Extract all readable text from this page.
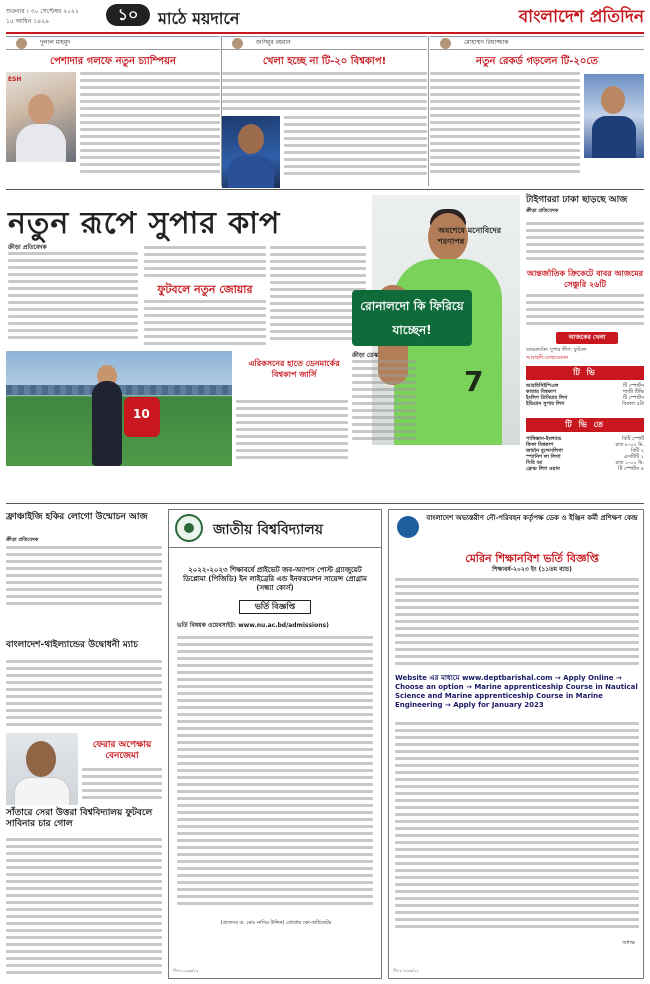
শুক্রবার । ৩০ সেপ্টেম্বর ২০২২
১৫ আশ্বিন ১৪২৯	১০	মাঠে ময়দানে	বাংলাদেশ প্রতিদিন
দুলাল মাহমুদ
পেশাদার গলফে নতুন চ্যাম্পিয়ন
ESH
জসিমুর রহমান
খেলা হচ্ছে না টি-২০ বিশ্বকাপ!
মোহাম্মদ রিয়াজ্জাক
নতুন রেকর্ড গড়লেন টি-২০তে
নতুন রূপে সুপার কাপ
ক্রীড়া প্রতিবেদক
ফুটবলে নতুন জোয়ার
7
অবশেষে মনোবিদের শরণাপন্ন
রোনালদো কি ফিরিয়ে যাচ্ছেন!
ক্রীড়া ডেস্ক
টাইগাররা ঢাকা ছাড়ছে আজ
ক্রীড়া প্রতিবেদক
আন্তর্জাতিক ক্রিকেটে বাবর আজমের সেঞ্চুরি ২৬টি
আজকের খেলা
ডায়মন্ডকিং সুপার লীগ: ফুটবল
আবাহনী-মোহামেডান
টি ভি
আরবিসিইপিএল	টি স্পোর্টস
কাতার বিশ্বকাপ	গাজী টিভি
ইংলিশ প্রিমিয়ার লিগ	টি স্পোর্টস
ইন্ডিয়ান সুপার লিগ	বিকাল ৫টা
টি ভি তে
পাকিস্তান-ইংল্যান্ড	বিটি স্পোর্ট
ফিফা বিশ্বকাপ	রাত ৮-০০ মি.
জার্মান বুন্দেসলিগা	বিটি ২
স্প্যানিশ লা লিগা	এসটিটি ২
সিরি আ	রাত ১-০০ মি.
ফ্রেঞ্চ লিগ ওয়ান	টি স্পোর্টস ৪
10
এরিকসনের হাতে ডেনমার্কের বিশ্বকাপ জার্সি
ফ্রাঞ্চাইজি হকির লোগো উন্মোচন আজ
ক্রীড়া প্রতিবেদক
বাংলাদেশ-থাইল্যান্ডের উদ্বোধনী ম্যাচ
ফেরার অপেক্ষায় বেনজেমা
সাঁতারে সেরা উত্তরা বিশ্ববিদ্যালয় ফুটবলে সাবিনার চার গোল
জাতীয় বিশ্ববিদ্যালয়
২০২২-২০২৩ শিক্ষাবর্ষে প্রাইভেট জব-অ্যাপস পোস্ট গ্র্যাজুয়েট ডিপ্লোমা (পিজিডি) ইন লাইব্রেরি এন্ড ইনফরমেশন সায়েন্স প্রোগ্রাম (সন্ধ্যা কোর্স)
ভর্তি বিজ্ঞপ্তি
ভর্তি বিষয়ক ওয়েবসাইট: www.nu.ac.bd/admissions)
(প্রফেসর ড. মোঃ নাসির উদ্দিন) প্রোগ্রাম কো-অর্ডিনেটর
জি-২০৯৩৯/২২
বাংলাদেশ অভ্যন্তরীণ নৌ-পরিবহন কর্তৃপক্ষ ডেক ও ইঞ্জিন কর্মী প্রশিক্ষণ কেন্দ্র
মেরিন শিক্ষানবিশ ভর্তি বিজ্ঞপ্তি
শিক্ষাবর্ষ-২০২৩ ইং (১১তম ব্যাচ)
Website এর মাধ্যমে www.deptbarishal.com → Apply Online → Choose an option → Marine apprenticeship Course in Nautical Science and Marine apprenticeship Course in Marine Engineering → Apply for January 2023
অধ্যক্ষ
জি-২০৮৯৬/২২
